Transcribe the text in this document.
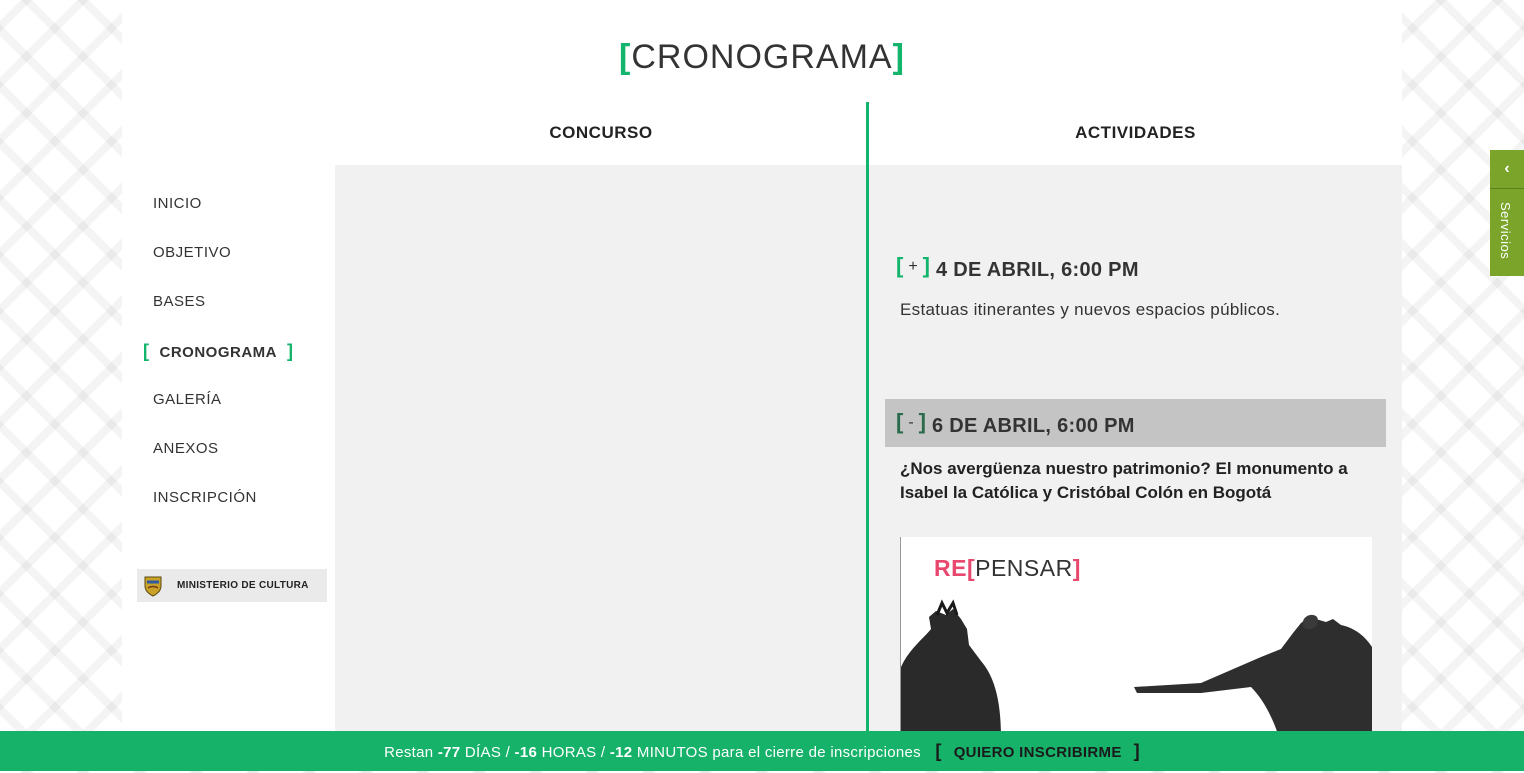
[CRONOGRAMA]
INICIO
OBJETIVO
BASES
[ CRONOGRAMA ]
GALERÍA
ANEXOS
INSCRIPCIÓN
MINISTERIO DE CULTURA
CONCURSO	ACTIVIDADES
[ + ] 4 DE ABRIL, 6:00 PM
Estatuas itinerantes y nuevos espacios públicos.
[ - ] 6 DE ABRIL, 6:00 PM
¿Nos avergüenza nuestro patrimonio? El monumento a Isabel la Católica y Cristóbal Colón en Bogotá
RE[PENSAR]
‹
Servicios
Restan -77 DÍAS / -16 HORAS / -12 MINUTOS para el cierre de inscripciones [ QUIERO INSCRIBIRME ]
